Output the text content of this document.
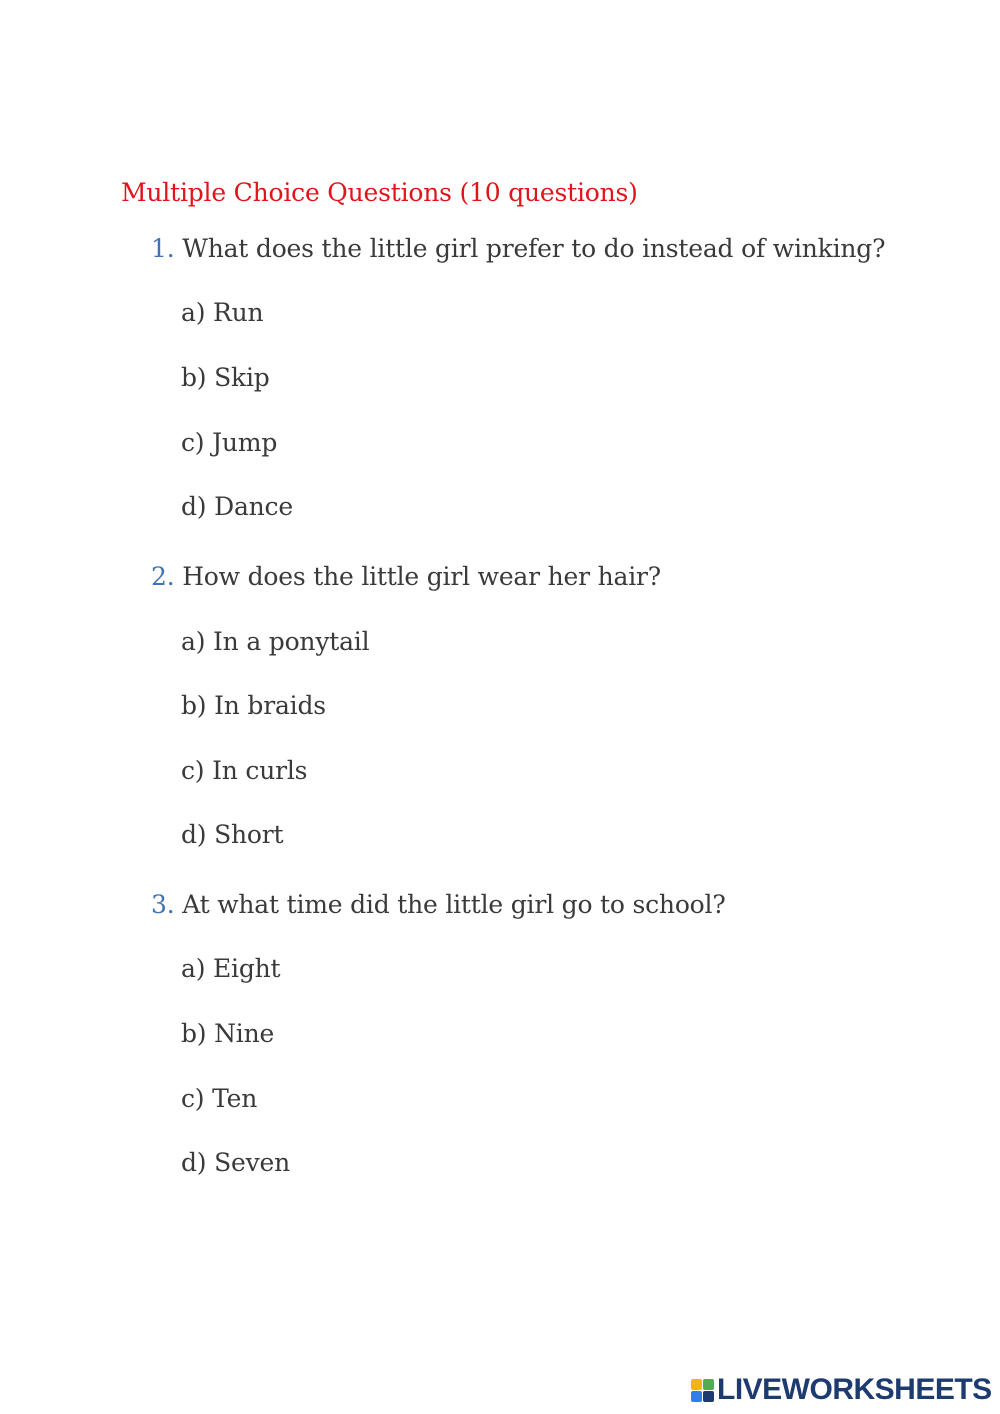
Multiple Choice Questions (10 questions)
1. What does the little girl prefer to do instead of winking?
a) Run
b) Skip
c) Jump
d) Dance
2. How does the little girl wear her hair?
a) In a ponytail
b) In braids
c) In curls
d) Short
3. At what time did the little girl go to school?
a) Eight
b) Nine
c) Ten
d) Seven
LIVEWORKSHEETS
